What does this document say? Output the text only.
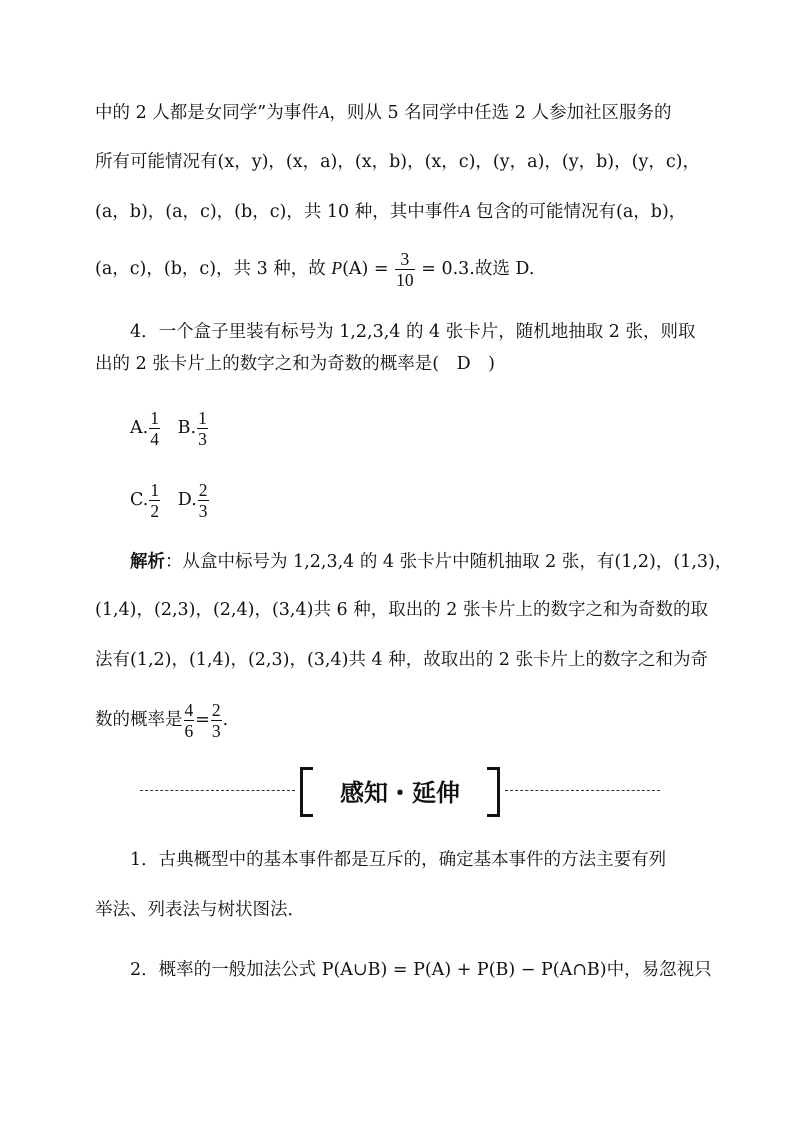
中的 2 人都是女同学”为事件A，则从 5 名同学中任选 2 人参加社区服务的
所有可能情况有(x，y)，(x，a)，(x，b)，(x，c)，(y，a)，(y，b)，(y，c)，
(a，b)，(a，c)，(b，c)，共 10 种，其中事件A 包含的可能情况有(a，b)，
(a，c)，(b，c)，共 3 种，故 $P(A) = \frac{3}{10} = 0.3$.故选 D.
4．一个盒子里装有标号为 1,2,3,4 的 4 张卡片，随机地抽取 2 张，则取
出的 2 张卡片上的数字之和为奇数的概率是(　D　)
A. $\frac{1}{4} B$. $\frac{1}{3}$
C. $\frac{1}{2} D$. $\frac{2}{3}$
解析：从盒中标号为 1,2,3,4 的 4 张卡片中随机抽取 2 张，有(1,2)，(1,3)，
(1,4)，(2,3)，(2,4)，(3,4)共 6 种，取出的 2 张卡片上的数字之和为奇数的取
法有(1,2)，(1,4)，(2,3)，(3,4)共 4 种，故取出的 2 张卡片上的数字之和为奇
数的概率是 $\frac{4}{6} = \frac{2}{3}$ .
感知・延伸
1．古典概型中的基本事件都是互斥的，确定基本事件的方法主要有列
举法、列表法与树状图法．
2．概率的一般加法公式 P(A∪B) = P(A) + P(B) − P(A∩B)中，易忽视只
